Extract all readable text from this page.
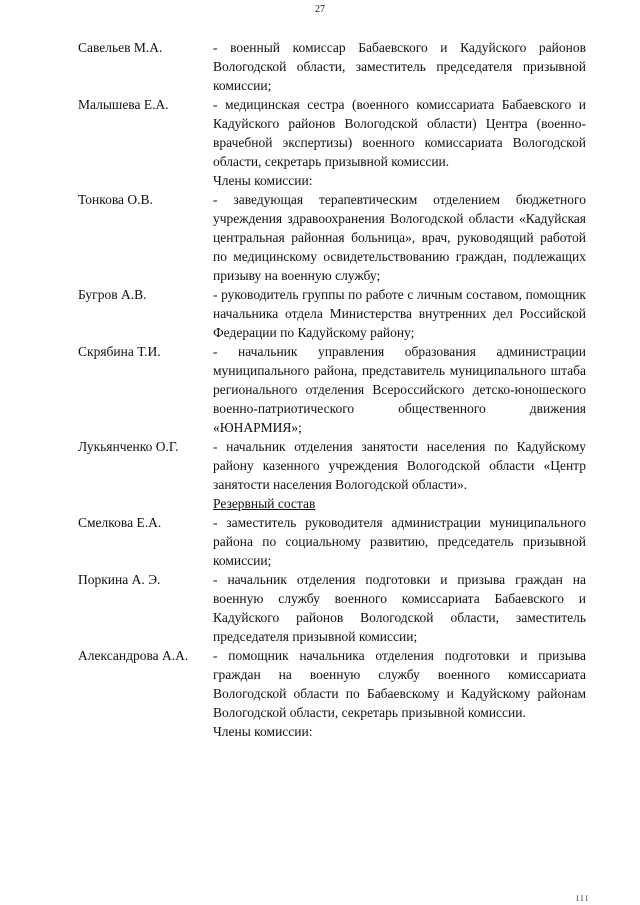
27
Савельев М.А.	- военный комиссар Бабаевского и Кадуйского районов Вологодской области, заместитель председателя призывной комиссии;
Малышева Е.А.	- медицинская сестра (военного комиссариата Бабаевского и Кадуйского районов Вологодской области) Центра (военно-врачебной экспертизы) военного комиссариата Вологодской области, секретарь призывной комиссии.
Члены комиссии:
Тонкова О.В.	- заведующая терапевтическим отделением бюджетного учреждения здравоохранения Вологодской области «Кадуйская центральная районная больница», врач, руководящий работой по медицинскому освидетельствованию граждан, подлежащих призыву на военную службу;
Бугров А.В.	- руководитель группы по работе с личным составом, помощник начальника отдела Министерства внутренних дел Российской Федерации по Кадуйскому району;
Скрябина Т.И.	- начальник управления образования администрации муниципального района, представитель муниципального штаба регионального отделения Всероссийского детско-юношеского военно-патриотического общественного движения «ЮНАРМИЯ»;
Лукьянченко О.Г.	- начальник отделения занятости населения по Кадуйскому району казенного учреждения Вологодской области «Центр занятости населения Вологодской области».
Резервный состав
Смелкова Е.А.	- заместитель руководителя администрации муниципального района по социальному развитию, председатель призывной комиссии;
Поркина А. Э.	- начальник отделения подготовки и призыва граждан на военную службу военного комиссариата Бабаевского и Кадуйского районов Вологодской области, заместитель председателя призывной комиссии;
Александрова А.А.	- помощник начальника отделения подготовки и призыва граждан на военную службу военного комиссариата Вологодской области по Бабаевскому и Кадуйскому районам Вологодской области, секретарь призывной комиссии.
Члены комиссии:
I I I
